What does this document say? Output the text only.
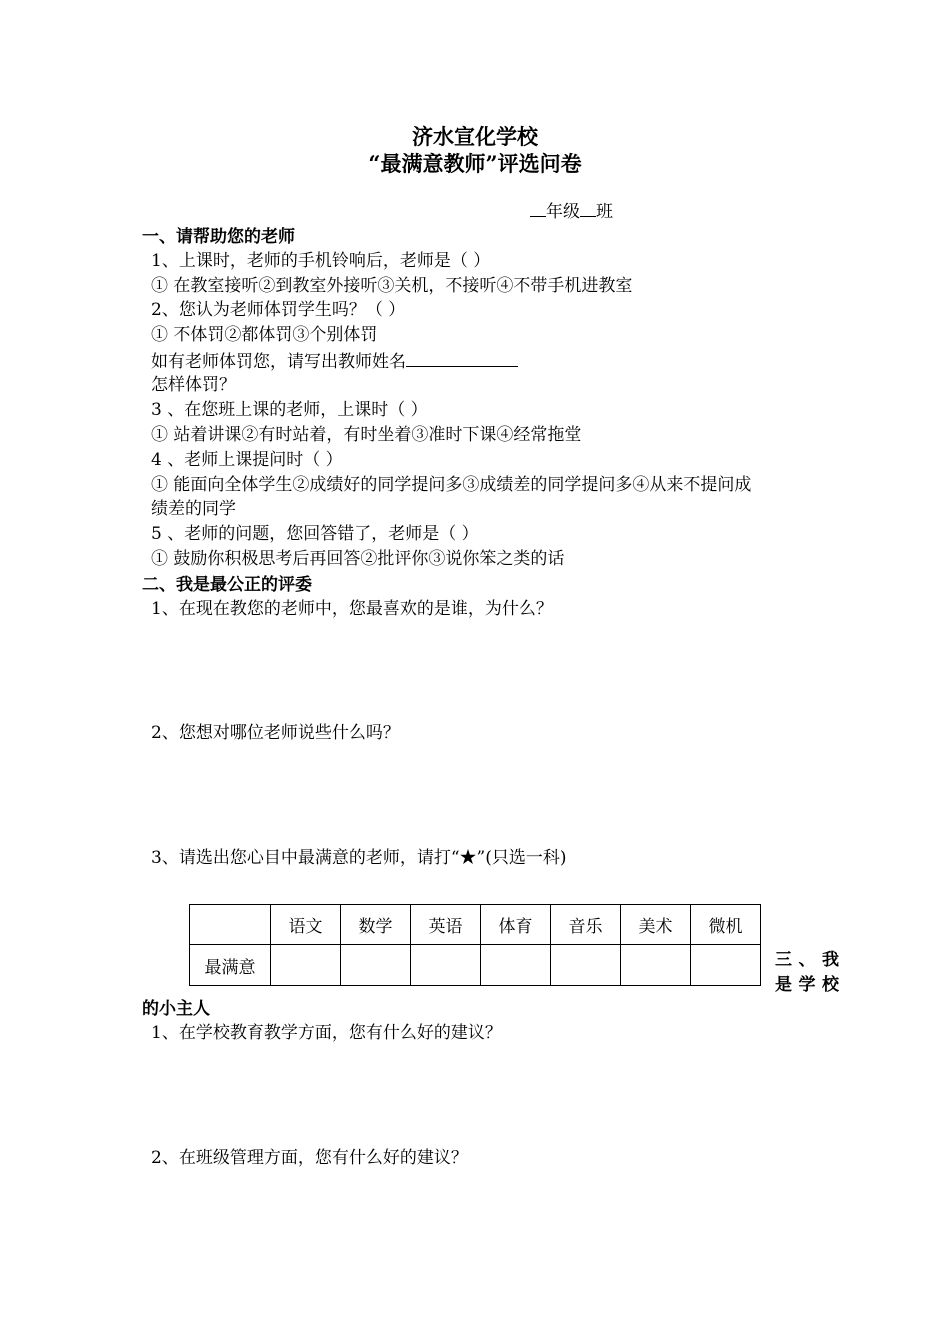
济水宣化学校
“最满意教师”评选问卷
年级 班
一、请帮助您的老师
1、上课时，老师的手机铃响后，老师是（ ）
① 在教室接听②到教室外接听③关机，不接听④不带手机进教室
2、您认为老师体罚学生吗？（ ）
① 不体罚②都体罚③个别体罚
如有老师体罚您，请写出教师姓名
怎样体罚？
3 、在您班上课的老师，上课时（ ）
① 站着讲课②有时站着，有时坐着③准时下课④经常拖堂
4 、老师上课提问时（ ）
① 能面向全体学生②成绩好的同学提问多③成绩差的同学提问多④从来不提问成
绩差的同学
5 、老师的问题，您回答错了，老师是（ ）
① 鼓励你积极思考后再回答②批评你③说你笨之类的话
二、我是最公正的评委
1、在现在教您的老师中，您最喜欢的是谁，为什么？
2、您想对哪位老师说些什么吗？
3、请选出您心目中最满意的老师，请打“★”(只选一科)
	语文	数学	英语	体育	音乐	美术	微机
最满意								三、我是学校
的小主人
1、在学校教育教学方面，您有什么好的建议？
2、在班级管理方面，您有什么好的建议？
